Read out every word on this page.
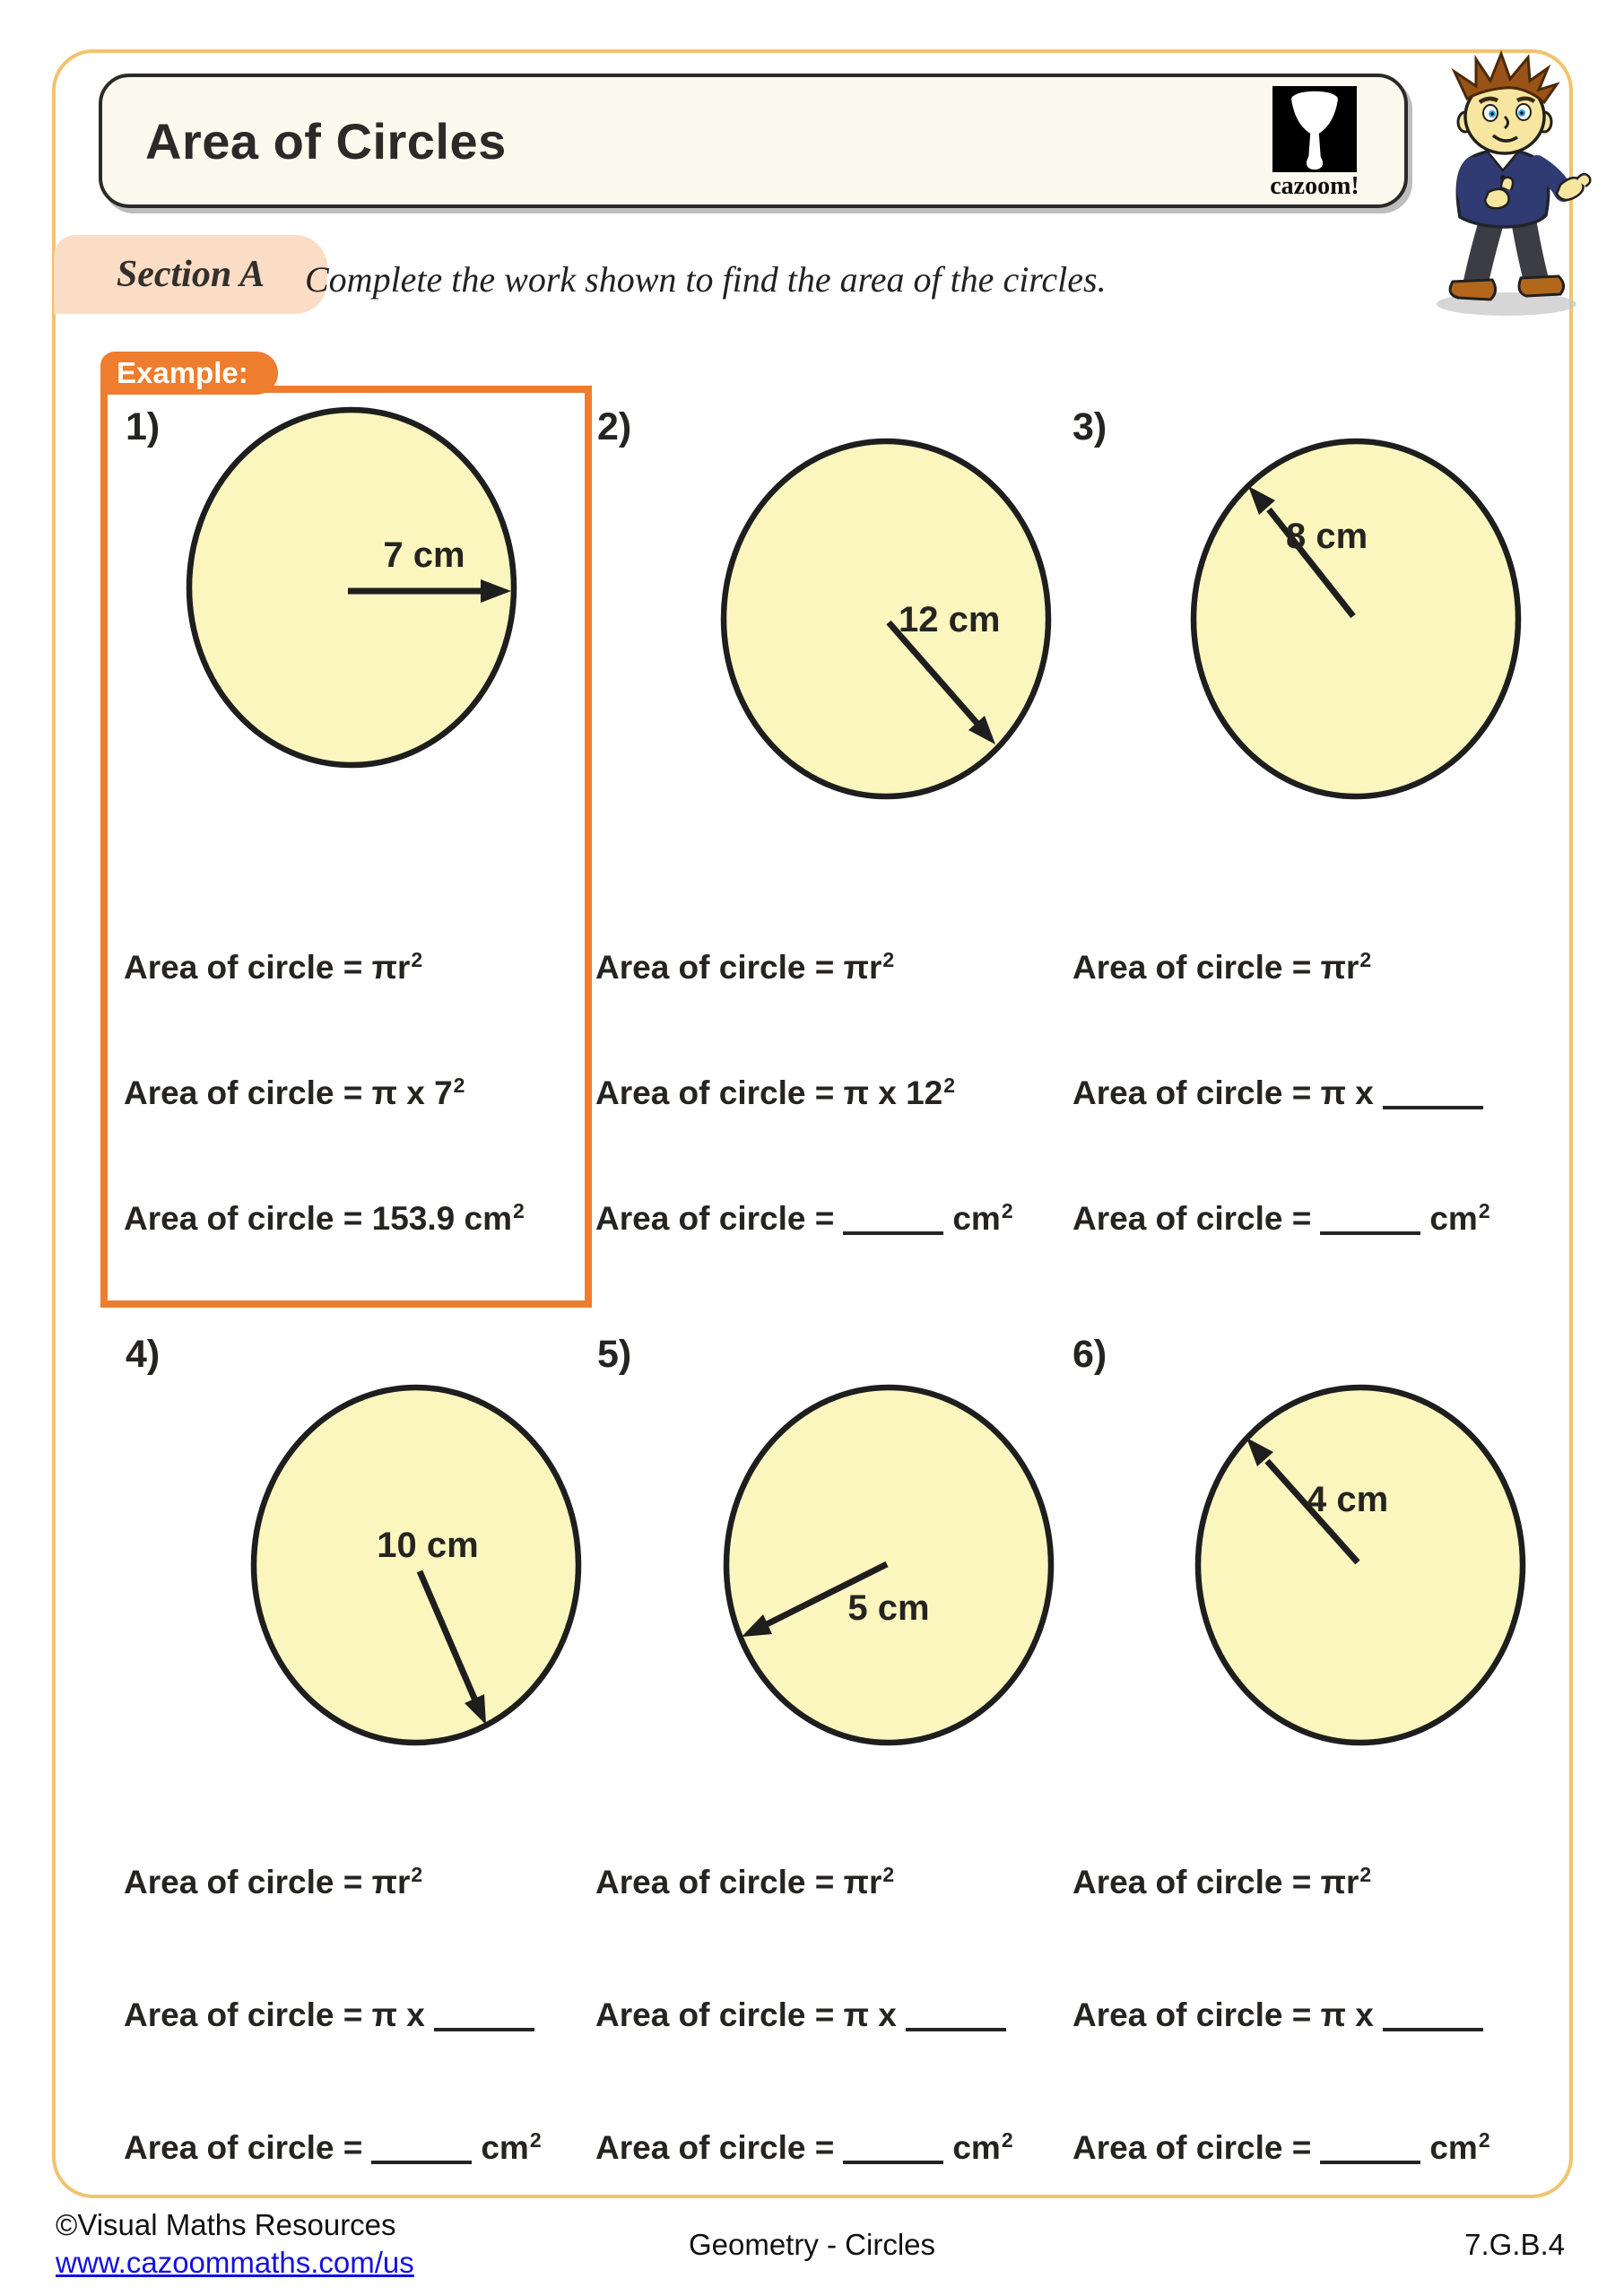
Area of Circles
cazoom!
Section A Complete the work shown to find the area of the circles.
Example:
1)	2)	3)
4)	5)	6)
7 cm
12 cm
8 cm
10 cm
5 cm
4 cm
Area of circle = $\pi r^2$
Area of circle = π x $7^2$
Area of circle = 153.9 $cm^2$
Area of circle = $\pi r^2$
Area of circle = π x $12^2$
Area of circle =	$cm^2$
Area of circle = $\pi r^2$
Area of circle = π x
Area of circle =	$cm^2$
Area of circle = $\pi r^2$
Area of circle = π x
Area of circle =	$cm^2$
Area of circle = $\pi r^2$
Area of circle = π x
Area of circle =	$cm^2$
Area of circle = $\pi r^2$
Area of circle = π x
Area of circle =	$cm^2$
©Visual Maths Resources
www.cazoommaths.com/us
Geometry - Circles	7.G.B.4
